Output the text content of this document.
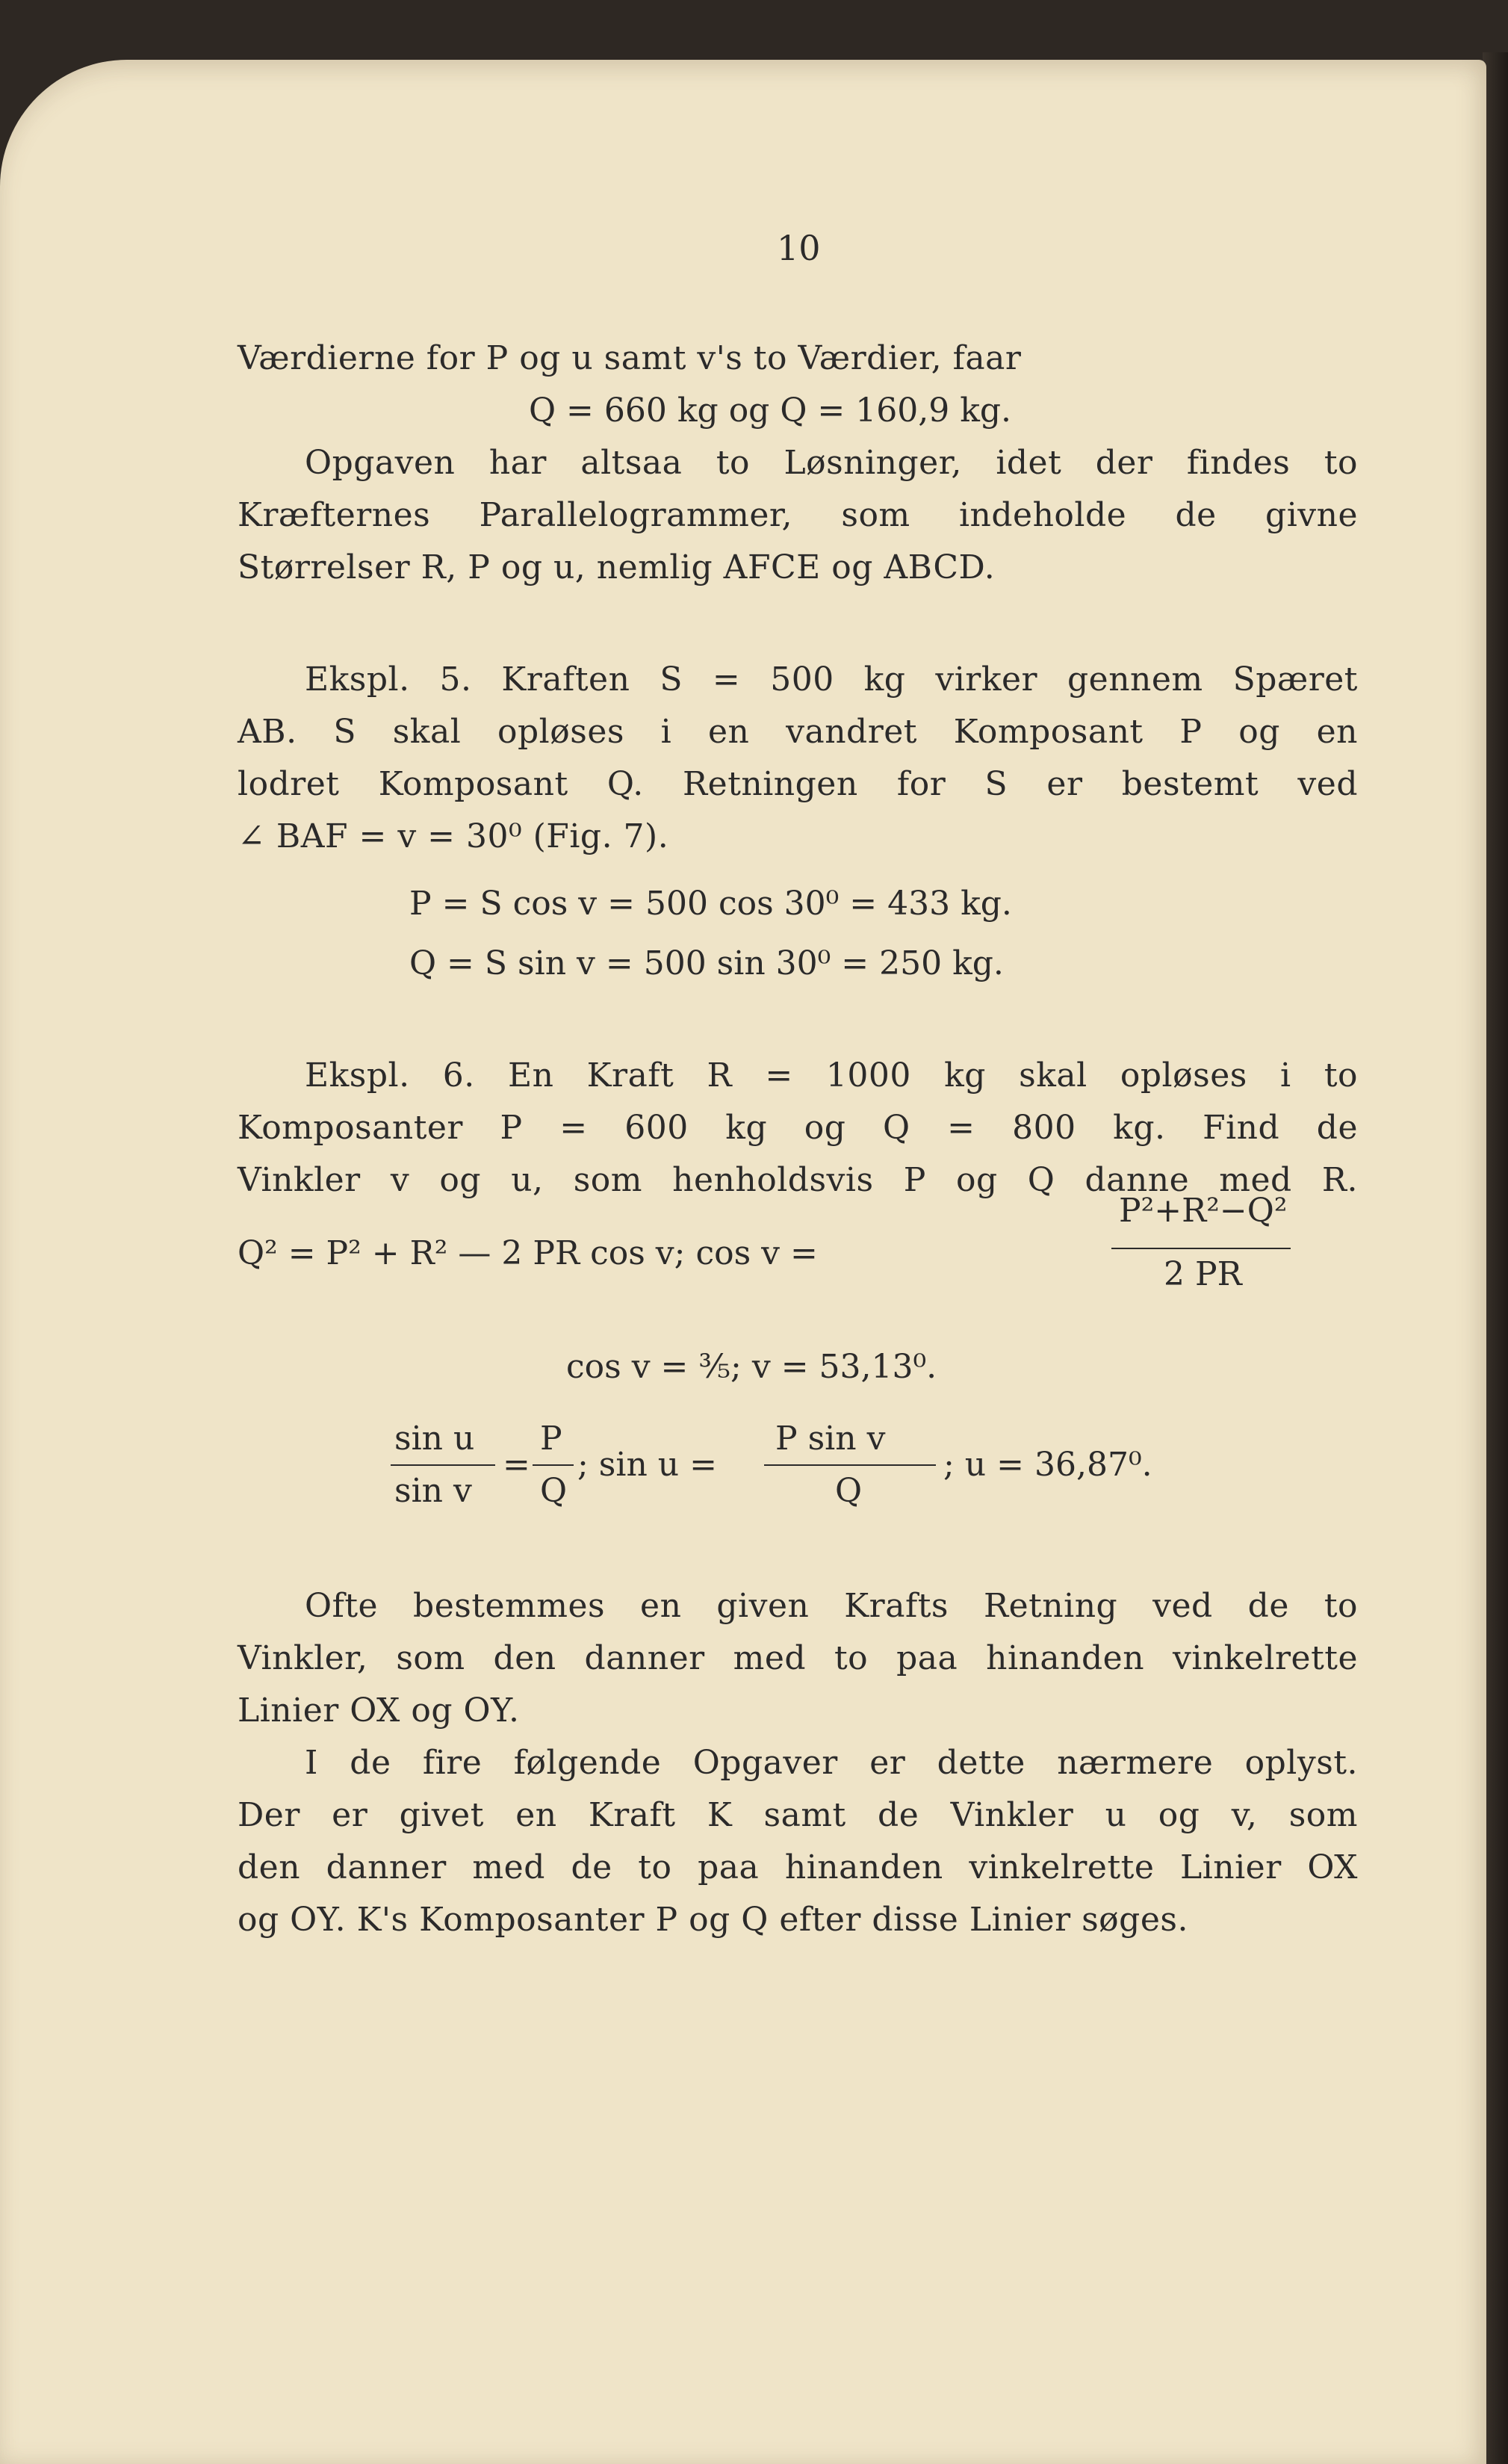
10
Værdierne for P og u samt v's to Værdier, faar
Q = 660 kg og Q = 160,9 kg.
Opgaven har altsaa to Løsninger, idet der findes to
Kræfternes Parallelogrammer, som indeholde de givne
Størrelser R, P og u, nemlig AFCE og ABCD.
Ekspl. 5. Kraften S = 500 kg virker gennem Spæret
AB. S skal opløses i en vandret Komposant P og en
lodret Komposant Q. Retningen for S er bestemt ved
∠ BAF = v = 30⁰ (Fig. 7).
P = S cos v = 500 cos 30⁰ = 433 kg.
Q = S sin v = 500 sin 30⁰ = 250 kg.
Ekspl. 6. En Kraft R = 1000 kg skal opløses i to
Komposanter P = 600 kg og Q = 800 kg. Find de
Vinkler v og u, som henholdsvis P og Q danne med R.
Q² = P² + R² — 2 PR cos v; cos v =
P²+R²−Q²
2 PR
cos v = ⅗; v = 53,13⁰.
sin u
sin v
=
P
Q
; sin u =
P sin v
Q
; u = 36,87⁰.
Ofte bestemmes en given Krafts Retning ved de to
Vinkler, som den danner med to paa hinanden vinkelrette
Linier OX og OY.
I de fire følgende Opgaver er dette nærmere oplyst.
Der er givet en Kraft K samt de Vinkler u og v, som
den danner med de to paa hinanden vinkelrette Linier OX
og OY. K's Komposanter P og Q efter disse Linier søges.
